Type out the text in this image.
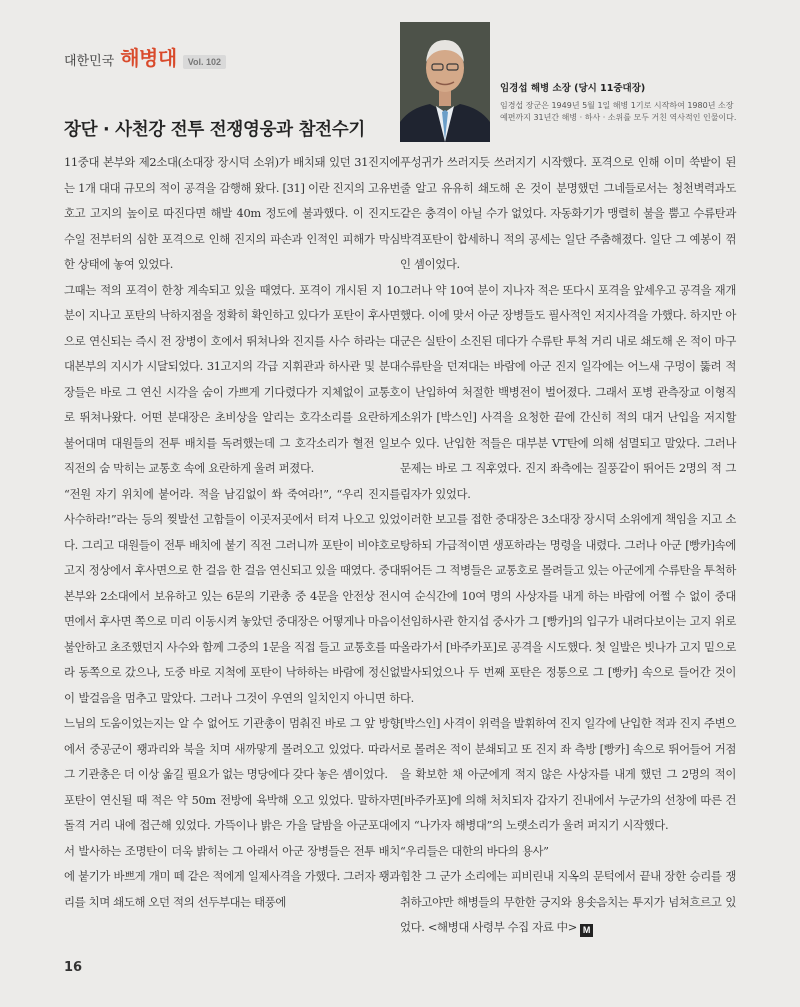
대한민국 해병대	Vol. 102
장단 · 사천강 전투 전쟁영웅과 참전수기
임경섭 해병 소장 (당시 11중대장)

임경섭 장군은 1949년 5월 1일 해병 1기로 시작하여 1980년 소장 예편까지 31년간 해병 · 하사 · 소위를 모두 거친 역사적인 인물이다.

11중대 본부와 제2소대(소대장 장시덕 소위)가 배치돼 있던 31진지에는 1개 대대 규모의 적이 공격을 감행해 왔다. [31] 이란 진지의 고유번호고 고지의 높이로 따진다면 해발 40m 정도에 불과했다. 이 진지도 수일 전부터의 심한 포격으로 인해 진지의 파손과 인적인 피해가 막심한 상태에 놓여 있었다.

그때는 적의 포격이 한창 계속되고 있을 때였다. 포격이 개시된 지 10분이 지나고 포탄의 낙하지점을 정확히 확인하고 있다가 포탄이 후사면으로 연신되는 즉시 전 장병이 호에서 뛰쳐나와 진지를 사수 하라는 대대본부의 지시가 시달되었다. 31고지의 각급 지휘관과 하사관 및 분대장들은 바로 그 연신 시각을 숨이 가쁘게 기다렸다가 지체없이 교통호로 뛰쳐나왔다. 어떤 분대장은 초비상을 알리는 호각소리를 요란하게 불어대며 대원들의 전투 배치를 독려했는데 그 호각소리가 혈전 일보 직전의 숨 막히는 교통호 속에 요란하게 울려 퍼졌다.

“전원 자기 위치에 붙어라. 적을 남김없이 쏴 죽여라!”, “우리 진지를 사수하라!”라는 등의 찢발선 고함들이 이곳저곳에서 터져 나오고 있었다. 그리고 대원들이 전투 배치에 붙기 직전 그러니까 포탄이 비야호로 고지 정상에서 후사면으로 한 걸음 한 걸음 연신되고 있을 때였다. 중대본부와 2소대에서 보유하고 있는 6문의 기관총 중 4문을 안전상 전시면에서 후사면 쪽으로 미리 이동시켜 놓았던 중대장은 어떻게나 마음이 불안하고 초조했던지 사수와 함께 그중의 1문을 직접 들고 교통호를 따라 동쪽으로 갔으나, 도중 바로 지척에 포탄이 낙하하는 바람에 정신없이 발걸음을 멈추고 말았다. 그러나 그것이 우연의 일치인지 아니면 하느님의 도움이었는지는 알 수 없어도 기관총이 멈춰진 바로 그 앞 방향에서 중공군이 꽹과리와 북을 치며 새까맣게 몰려오고 있었다. 따라서 그 기관총은 더 이상 옮길 필요가 없는 명당에다 갖다 놓은 셈이었다.

포탄이 연신될 때 적은 약 50m 전방에 육박해 오고 있었다. 말하자면 돌격 거리 내에 접근해 있었다. 가뜩이나 밝은 가을 달밤을 아군포대에서 발사하는 조명탄이 더욱 밝히는 그 아래서 아군 장병들은 전투 배치에 붙기가 바쁘게 개미 떼 같은 적에게 일제사격을 가했다. 그러자 꽹과리를 치며 쇄도해 오던 적의 선두부대는 태풍에

푸성귀가 쓰러지듯 쓰러지기 시작했다. 포격으로 인해 이미 쑥밭이 된 줄 알고 유유히 쇄도해 온 것이 분명했던 그네들로서는 청천벽력과도 같은 충격이 아닐 수가 없었다. 자동화기가 맹렬히 불을 뿜고 수류탄과 박격포탄이 합세하니 적의 공세는 일단 주춤해졌다. 일단 그 예봉이 꺾인 셈이었다.

그러나 약 10여 분이 지나자 적은 또다시 포격을 앞세우고 공격을 재개했다. 이에 맞서 아군 장병들도 필사적인 저지사격을 가했다. 하지만 아군은 실탄이 소진된 데다가 수류탄 투척 거리 내로 쇄도해 온 적이 마구 수류탄을 던져대는 바람에 아군 진지 일각에는 어느새 구멍이 뚫려 적이 난입하여 처절한 백병전이 벌어졌다. 그래서 포병 관측장교 이형직 소위가 [박스인] 사격을 요청한 끝에 간신히 적의 대거 난입을 저지할 수 있다. 난입한 적들은 대부분 VT탄에 의해 섬멸되고 말았다. 그러나 문제는 바로 그 직후였다. 진지 좌측에는 질풍같이 뛰어든 2명의 적 그림자가 있었다.

이러한 보고를 접한 중대장은 3소대장 장시덕 소위에게 책임을 지고 소탕하되 가급적이면 생포하라는 명령을 내렸다. 그러나 아군 [빵카]속에 뛰어든 그 적병들은 교통호로 몰려들고 있는 아군에게 수류탄을 투척하여 순식간에 10여 명의 사상자를 내게 하는 바람에 어쩔 수 없이 중대 선임하사관 한지섭 중사가 그 [빵카]의 입구가 내려다보이는 고지 위로 올라가서 [바주카포]로 공격을 시도했다. 첫 일발은 빗나가 고지 밑으로 발사되었으나 두 번째 포탄은 정통으로 그 [빵카] 속으로 들어간 것이다.

[박스인] 사격이 위력을 발휘하여 진지 일각에 난입한 적과 진지 주변으로 몰려온 적이 분쇄되고 또 진지 좌 측방 [빵카] 속으로 뛰어들어 거점을 확보한 채 아군에게 적지 않은 사상자를 내게 했던 그 2명의 적이 [바주카포]에 의해 처치되자 갑자기 진내에서 누군가의 선창에 따른 건지 “나가자 해병대”의 노랫소리가 울려 퍼지기 시작했다.

“우리들은 대한의 바다의 용사”

힘찬 그 군가 소리에는 피비린내 지옥의 문턱에서 끝내 장한 승리를 쟁취하고야만 해병들의 무한한 긍지와 용솟음치는 투지가 넘쳐흐르고 있었다. <해병대 사령부 수집 자료 中> M

16
